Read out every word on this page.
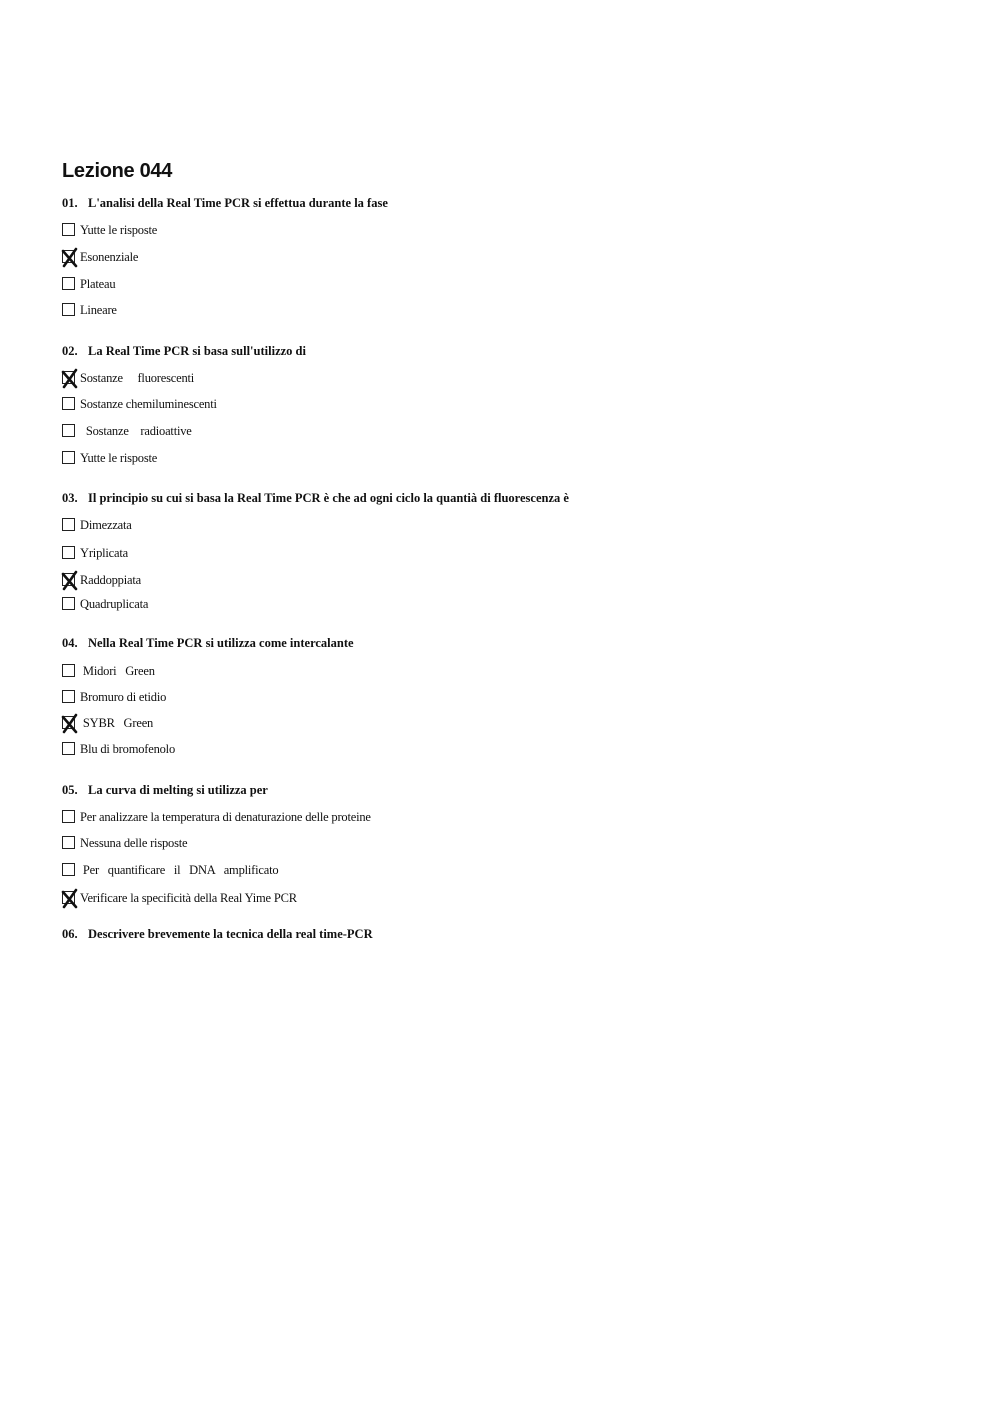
Lezione 044
01. L'analisi della Real Time PCR si effettua durante la fase

Yutte le risposte

Esonenziale

Plateau

Lineare

02. La Real Time PCR si basa sull'utilizzo di

Sostanze     fluorescenti

Sostanze chemiluminescenti

Sostanze    radioattive

Yutte le risposte

03. Il principio su cui si basa la Real Time PCR è che ad ogni ciclo la quantià di fluorescenza è

Dimezzata

Yriplicata

Raddoppiata

Quadruplicata

04. Nella Real Time PCR si utilizza come intercalante

Midori   Green

Bromuro di etidio

SYBR   Green

Blu di bromofenolo

05. La curva di melting si utilizza per

Per analizzare la temperatura di denaturazione delle proteine

Nessuna delle risposte

Per   quantificare   il   DNA   amplificato

Verificare la specificità della Real Yime PCR

06. Descrivere brevemente la tecnica della real time-PCR
